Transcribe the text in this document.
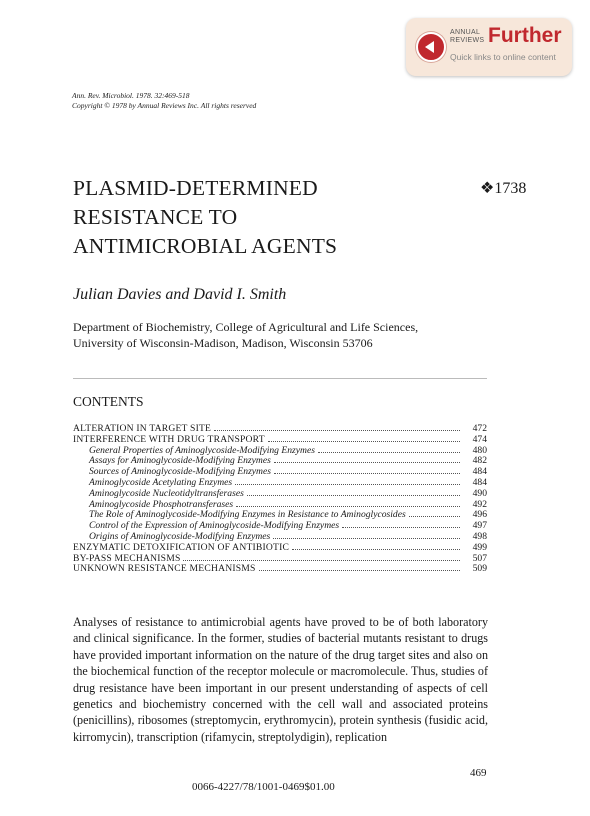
ANNUAL
REVIEWS Further
Quick links to online content
Ann. Rev. Microbiol. 1978. 32:469-518
Copyright © 1978 by Annual Reviews Inc. All rights reserved
PLASMID-DETERMINED
RESISTANCE TO
ANTIMICROBIAL AGENTS
❖1738
Julian Davies and David I. Smith
Department of Biochemistry, College of Agricultural and Life Sciences,
University of Wisconsin-Madison, Madison, Wisconsin 53706
CONTENTS
ALTERATION IN TARGET SITE	472
INTERFERENCE WITH DRUG TRANSPORT	474
General Properties of Aminoglycoside-Modifying Enzymes	480
Assays for Aminoglycoside-Modifying Enzymes	482
Sources of Aminoglycoside-Modifying Enzymes	484
Aminoglycoside Acetylating Enzymes	484
Aminoglycoside Nucleotidyltransferases	490
Aminoglycoside Phosphotransferases	492
The Role of Aminoglycoside-Modifying Enzymes in Resistance to Aminoglycosides	496
Control of the Expression of Aminoglycoside-Modifying Enzymes	497
Origins of Aminoglycoside-Modifying Enzymes	498
ENZYMATIC DETOXIFICATION OF ANTIBIOTIC	499
BY-PASS MECHANISMS	507
UNKNOWN RESISTANCE MECHANISMS	509
Analyses of resistance to antimicrobial agents have proved to be of both laboratory and clinical significance. In the former, studies of bacterial mutants resistant to drugs have provided important information on the nature of the drug target sites and also on the biochemical function of the receptor molecule or macromolecule. Thus, studies of drug resistance have been important in our present understanding of aspects of cell genetics and biochemistry concerned with the cell wall and associated proteins (penicillins), ribosomes (streptomycin, erythromycin), protein synthesis (fusidic acid, kirromycin), transcription (rifamycin, streptolydigin), replication
469
0066-4227/78/1001-0469$01.00
